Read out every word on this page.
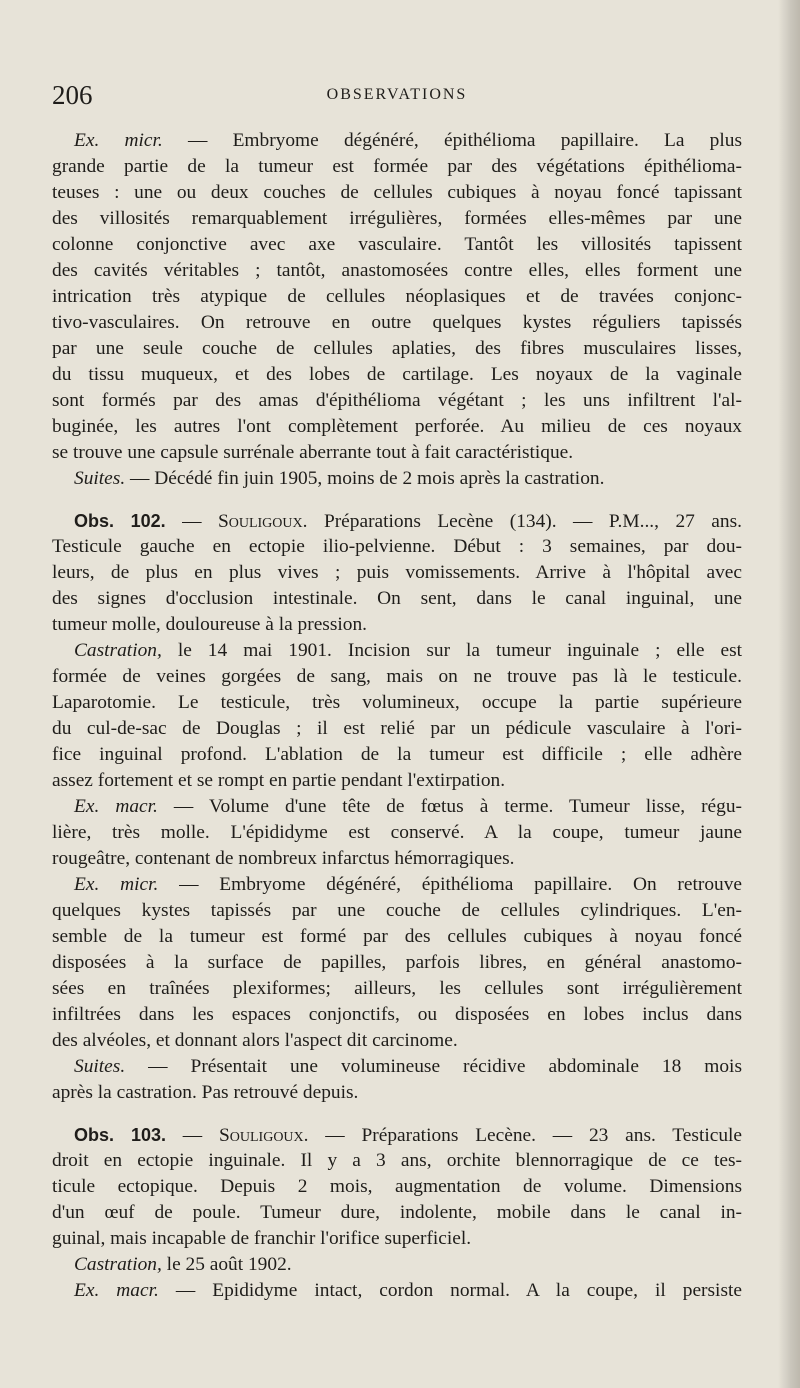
206	OBSERVATIONS
Ex. micr. — Embryome dégénéré, épithélioma papillaire. La plus
grande partie de la tumeur est formée par des végétations épithélioma-
teuses : une ou deux couches de cellules cubiques à noyau foncé tapissant
des villosités remarquablement irrégulières, formées elles-mêmes par une
colonne conjonctive avec axe vasculaire. Tantôt les villosités tapissent
des cavités véritables ; tantôt, anastomosées contre elles, elles forment une
intrication très atypique de cellules néoplasiques et de travées conjonc-
tivo-vasculaires. On retrouve en outre quelques kystes réguliers tapissés
par une seule couche de cellules aplaties, des fibres musculaires lisses,
du tissu muqueux, et des lobes de cartilage. Les noyaux de la vaginale
sont formés par des amas d'épithélioma végétant ; les uns infiltrent l'al-
buginée, les autres l'ont complètement perforée. Au milieu de ces noyaux
se trouve une capsule surrénale aberrante tout à fait caractéristique.
Suites. — Décédé fin juin 1905, moins de 2 mois après la castration.
Obs. 102. — Souligoux. Préparations Lecène (134). — P.M..., 27 ans.
Testicule gauche en ectopie ilio-pelvienne. Début : 3 semaines, par dou-
leurs, de plus en plus vives ; puis vomissements. Arrive à l'hôpital avec
des signes d'occlusion intestinale. On sent, dans le canal inguinal, une
tumeur molle, douloureuse à la pression.
Castration, le 14 mai 1901. Incision sur la tumeur inguinale ; elle est
formée de veines gorgées de sang, mais on ne trouve pas là le testicule.
Laparotomie. Le testicule, très volumineux, occupe la partie supérieure
du cul-de-sac de Douglas ; il est relié par un pédicule vasculaire à l'ori-
fice inguinal profond. L'ablation de la tumeur est difficile ; elle adhère
assez fortement et se rompt en partie pendant l'extirpation.
Ex. macr. — Volume d'une tête de fœtus à terme. Tumeur lisse, régu-
lière, très molle. L'épididyme est conservé. A la coupe, tumeur jaune
rougeâtre, contenant de nombreux infarctus hémorragiques.
Ex. micr. — Embryome dégénéré, épithélioma papillaire. On retrouve
quelques kystes tapissés par une couche de cellules cylindriques. L'en-
semble de la tumeur est formé par des cellules cubiques à noyau foncé
disposées à la surface de papilles, parfois libres, en général anastomo-
sées en traînées plexiformes; ailleurs, les cellules sont irrégulièrement
infiltrées dans les espaces conjonctifs, ou disposées en lobes inclus dans
des alvéoles, et donnant alors l'aspect dit carcinome.
Suites. — Présentait une volumineuse récidive abdominale 18 mois
après la castration. Pas retrouvé depuis.
Obs. 103. — Souligoux. — Préparations Lecène. — 23 ans. Testicule
droit en ectopie inguinale. Il y a 3 ans, orchite blennorragique de ce tes-
ticule ectopique. Depuis 2 mois, augmentation de volume. Dimensions
d'un œuf de poule. Tumeur dure, indolente, mobile dans le canal in-
guinal, mais incapable de franchir l'orifice superficiel.
Castration, le 25 août 1902.
Ex. macr. — Epididyme intact, cordon normal. A la coupe, il persiste
